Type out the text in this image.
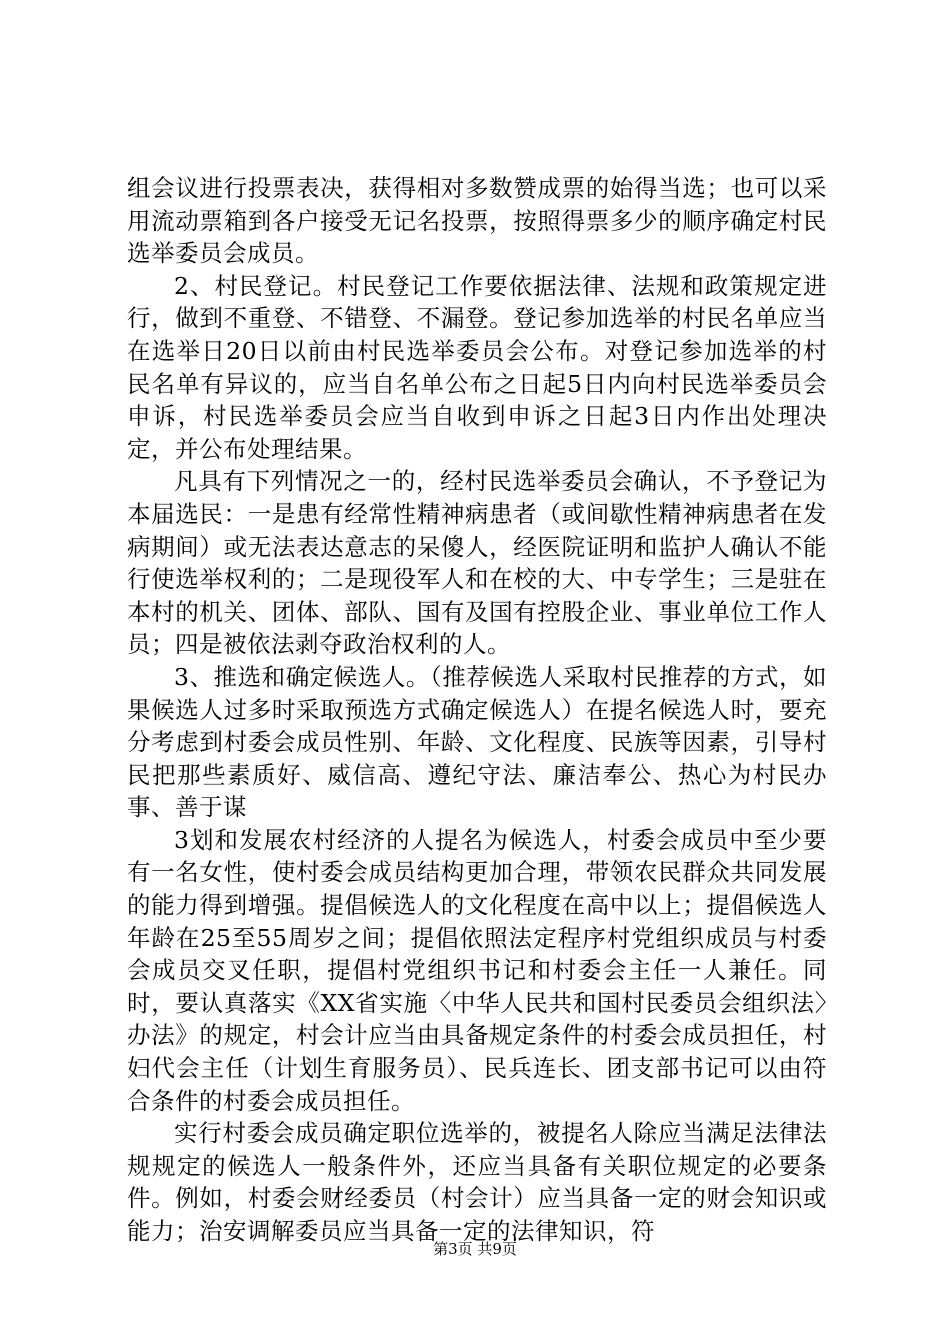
组会议进行投票表决，获得相对多数赞成票的始得当选；也可以采用流动票箱到各户接受无记名投票，按照得票多少的顺序确定村民选举委员会成员。

2、村民登记。村民登记工作要依据法律、法规和政策规定进行，做到不重登、不错登、不漏登。登记参加选举的村民名单应当在选举日20日以前由村民选举委员会公布。对登记参加选举的村民名单有异议的，应当自名单公布之日起5日内向村民选举委员会申诉，村民选举委员会应当自收到申诉之日起3日内作出处理决定，并公布处理结果。

凡具有下列情况之一的，经村民选举委员会确认，不予登记为本届选民：一是患有经常性精神病患者（或间歇性精神病患者在发病期间）或无法表达意志的呆傻人，经医院证明和监护人确认不能行使选举权利的；二是现役军人和在校的大、中专学生；三是驻在本村的机关、团体、部队、国有及国有控股企业、事业单位工作人员；四是被依法剥夺政治权利的人。

3、推选和确定候选人。（推荐候选人采取村民推荐的方式，如果候选人过多时采取预选方式确定候选人）在提名候选人时，要充分考虑到村委会成员性别、年龄、文化程度、民族等因素，引导村民把那些素质好、威信高、遵纪守法、廉洁奉公、热心为村民办事、善于谋

3划和发展农村经济的人提名为候选人，村委会成员中至少要有一名女性，使村委会成员结构更加合理，带领农民群众共同发展的能力得到增强。提倡候选人的文化程度在高中以上；提倡候选人年龄在25至55周岁之间；提倡依照法定程序村党组织成员与村委会成员交叉任职，提倡村党组织书记和村委会主任一人兼任。同时，要认真落实《XX省实施〈中华人民共和国村民委员会组织法〉办法》的规定，村会计应当由具备规定条件的村委会成员担任，村妇代会主任（计划生育服务员）、民兵连长、团支部书记可以由符合条件的村委会成员担任。

实行村委会成员确定职位选举的，被提名人除应当满足法律法规规定的候选人一般条件外，还应当具备有关职位规定的必要条件。例如，村委会财经委员（村会计）应当具备一定的财会知识或能力；治安调解委员应当具备一定的法律知识，符

第3页 共9页
